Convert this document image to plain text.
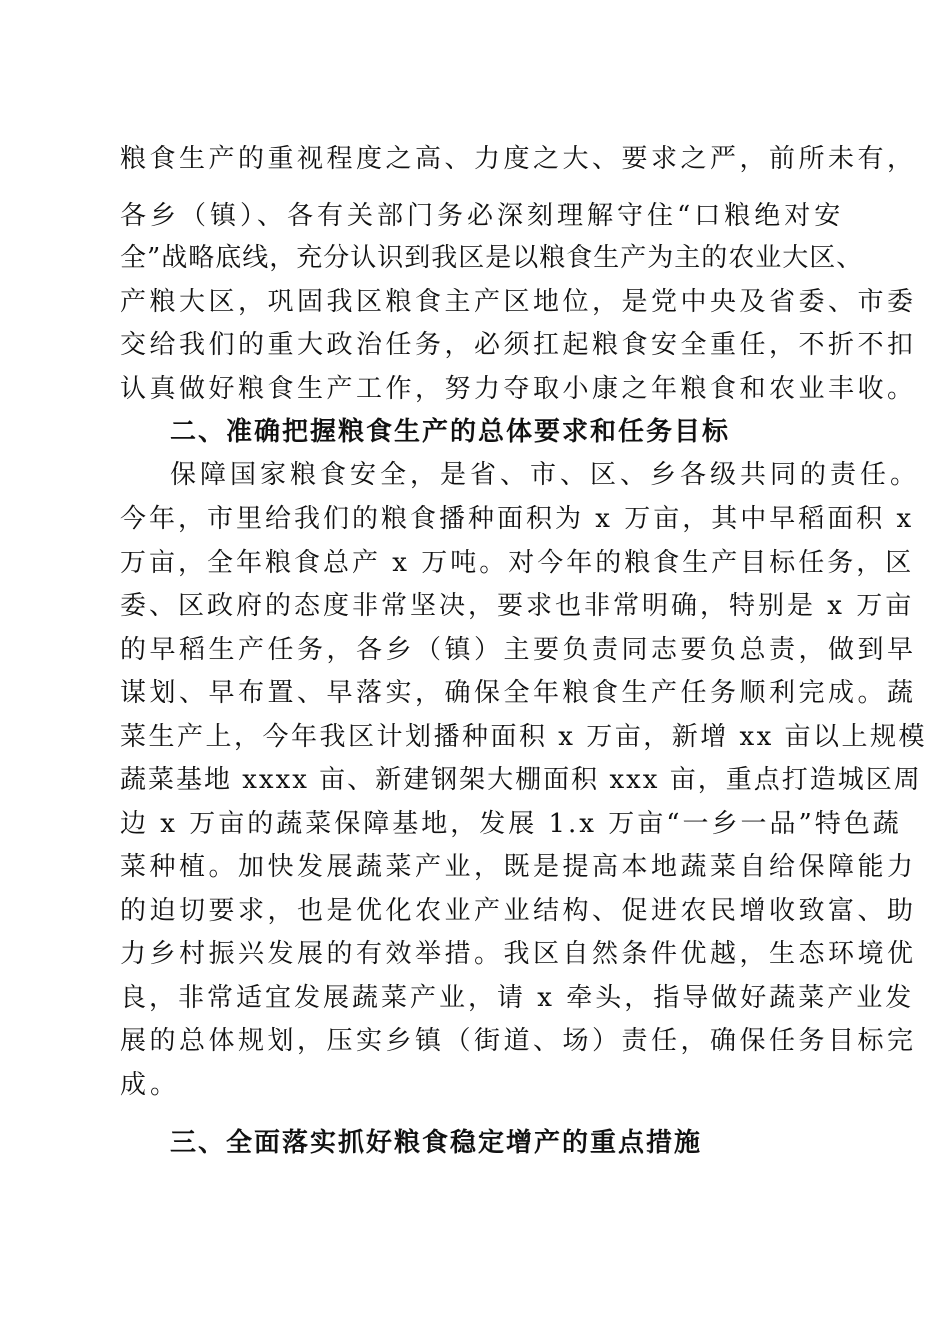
粮食生产的重视程度之高、力度之大、要求之严，前所未有，
各乡（镇）、各有关部门务必深刻理解守住“口粮绝对安
全”战略底线，充分认识到我区是以粮食生产为主的农业大区、
产粮大区，巩固我区粮食主产区地位，是党中央及省委、市委
交给我们的重大政治任务，必须扛起粮食安全重任，不折不扣
认真做好粮食生产工作，努力夺取小康之年粮食和农业丰收。
二、准确把握粮食生产的总体要求和任务目标
保障国家粮食安全，是省、市、区、乡各级共同的责任。
今年，市里给我们的粮食播种面积为 x 万亩，其中早稻面积 x
万亩，全年粮食总产 x 万吨。对今年的粮食生产目标任务，区
委、区政府的态度非常坚决，要求也非常明确，特别是 x 万亩
的早稻生产任务，各乡（镇）主要负责同志要负总责，做到早
谋划、早布置、早落实，确保全年粮食生产任务顺利完成。蔬
菜生产上，今年我区计划播种面积 x 万亩，新增 xx 亩以上规模
蔬菜基地 xxxx 亩、新建钢架大棚面积 xxx 亩，重点打造城区周
边 x 万亩的蔬菜保障基地，发展 1.x 万亩“一乡一品”特色蔬
菜种植。加快发展蔬菜产业，既是提高本地蔬菜自给保障能力
的迫切要求，也是优化农业产业结构、促进农民增收致富、助
力乡村振兴发展的有效举措。我区自然条件优越，生态环境优
良，非常适宜发展蔬菜产业，请 x 牵头，指导做好蔬菜产业发
展的总体规划，压实乡镇（街道、场）责任，确保任务目标完
成。
三、全面落实抓好粮食稳定增产的重点措施
